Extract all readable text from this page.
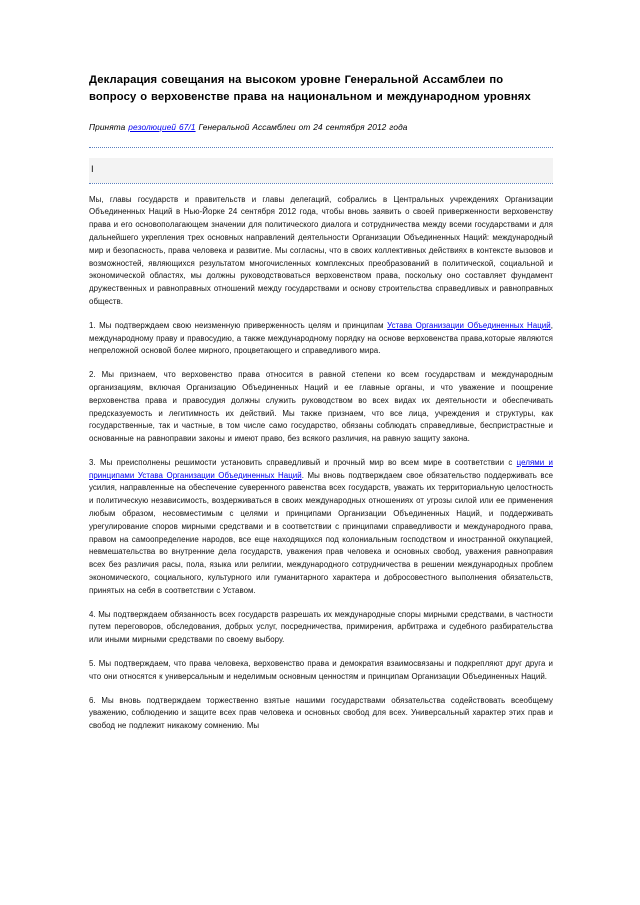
Декларация совещания на высоком уровне Генеральной Ассамблеи по вопросу о верховенстве права на национальном и международном уровнях
Принята резолюцией 67/1 Генеральной Ассамблеи от 24 сентября 2012 года
I

Мы, главы государств и правительств и главы делегаций, собрались в Центральных учреждениях Организации Объединенных Наций в Нью-Йорке 24 сентября 2012 года, чтобы вновь заявить о своей приверженности верховенству права и его основополагающем значении для политического диалога и сотрудничества между всеми государствами и для дальнейшего укрепления трех основных направлений деятельности Организации Объединенных Наций: международный мир и безопасность, права человека и развитие. Мы согласны, что в своих коллективных действиях в контексте вызовов и возможностей, являющихся результатом многочисленных комплексных преобразований в политической, социальной и экономической областях, мы должны руководствоваться верховенством права, поскольку оно составляет фундамент дружественных и равноправных отношений между государствами и основу строительства справедливых и равноправных обществ.

1. Мы подтверждаем свою неизменную приверженность целям и принципам Устава Организации Объединенных Наций, международному праву и правосудию, а также международному порядку на основе верховенства права,которые являются непреложной основой более мирного, процветающего и справедливого мира.

2. Мы признаем, что верховенство права относится в равной степени ко всем государствам и международным организациям, включая Организацию Объединенных Наций и ее главные органы, и что уважение и поощрение верховенства права и правосудия должны служить руководством во всех видах их деятельности и обеспечивать предсказуемость и легитимность их действий. Мы также признаем, что все лица, учреждения и структуры, как государственные, так и частные, в том числе само государство, обязаны соблюдать справедливые, беспристрастные и основанные на равноправии законы и имеют право, без всякого различия, на равную защиту закона.

3. Мы преисполнены решимости установить справедливый и прочный мир во всем мире в соответствии с целями и принципами Устава Организации Объединенных Наций. Мы вновь подтверждаем свое обязательство поддерживать все усилия, направленные на обеспечение суверенного равенства всех государств, уважать их территориальную целостность и политическую независимость, воздерживаться в своих международных отношениях от угрозы силой или ее применения любым образом, несовместимым с целями и принципами Организации Объединенных Наций, и поддерживать урегулирование споров мирными средствами и в соответствии с принципами справедливости и международного права, правом на самоопределение народов, все еще находящихся под колониальным господством и иностранной оккупацией, невмешательства во внутренние дела государств, уважения прав человека и основных свобод, уважения равноправия всех без различия расы, пола, языка или религии, международного сотрудничества в решении международных проблем экономического, социального, культурного или гуманитарного характера и добросовестного выполнения обязательств, принятых на себя в соответствии с Уставом.

4. Мы подтверждаем обязанность всех государств разрешать их международные споры мирными средствами, в частности путем переговоров, обследования, добрых услуг, посредничества, примирения, арбитража и судебного разбирательства или иными мирными средствами по своему выбору.

5. Мы подтверждаем, что права человека, верховенство права и демократия взаимосвязаны и подкрепляют друг друга и что они относятся к универсальным и неделимым основным ценностям и принципам Организации Объединенных Наций.

6. Мы вновь подтверждаем торжественно взятые нашими государствами обязательства содействовать всеобщему уважению, соблюдению и защите всех прав человека и основных свобод для всех. Универсальный характер этих прав и свобод не подлежит никакому сомнению. Мы
